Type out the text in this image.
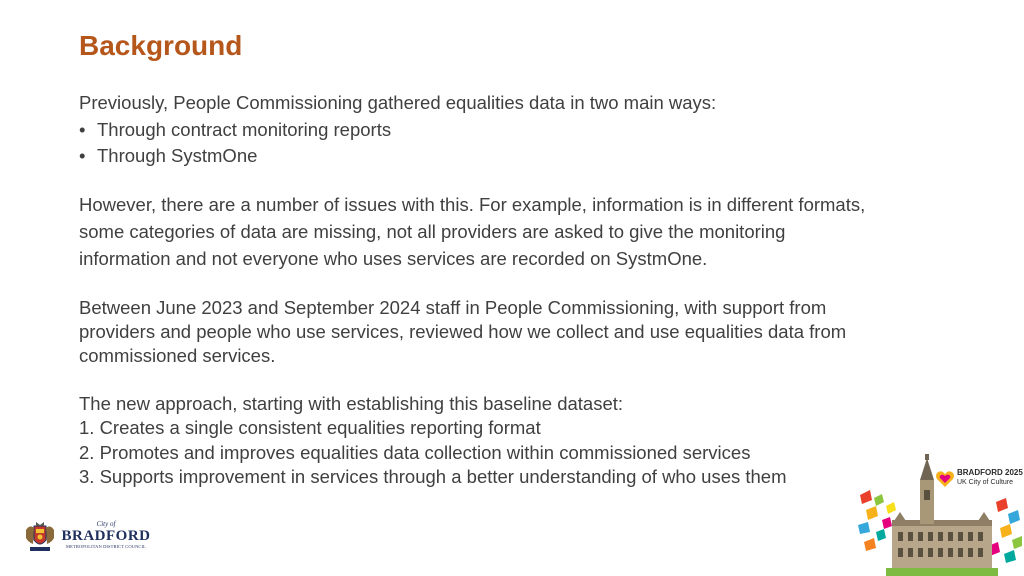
Background

Previously, People Commissioning gathered equalities data in two main ways:

• Through contract monitoring reports
• Through SystmOne

However, there are a number of issues with this. For example, information is in different formats,

some categories of data are missing, not all providers are asked to give the monitoring

information and not everyone who uses services are recorded on SystmOne.

Between June 2023 and September 2024 staff in People Commissioning, with support from

providers and people who use services, reviewed how we collect and use equalities data from

commissioned services.

The new approach, starting with establishing this baseline dataset:

1. Creates a single consistent equalities reporting format

2. Promotes and improves equalities data collection within commissioned services

3. Supports improvement in services through a better understanding of who uses them

City of
BRADFORD
METROPOLITAN DISTRICT COUNCIL
BRADFORD 2025
UK City of Culture
